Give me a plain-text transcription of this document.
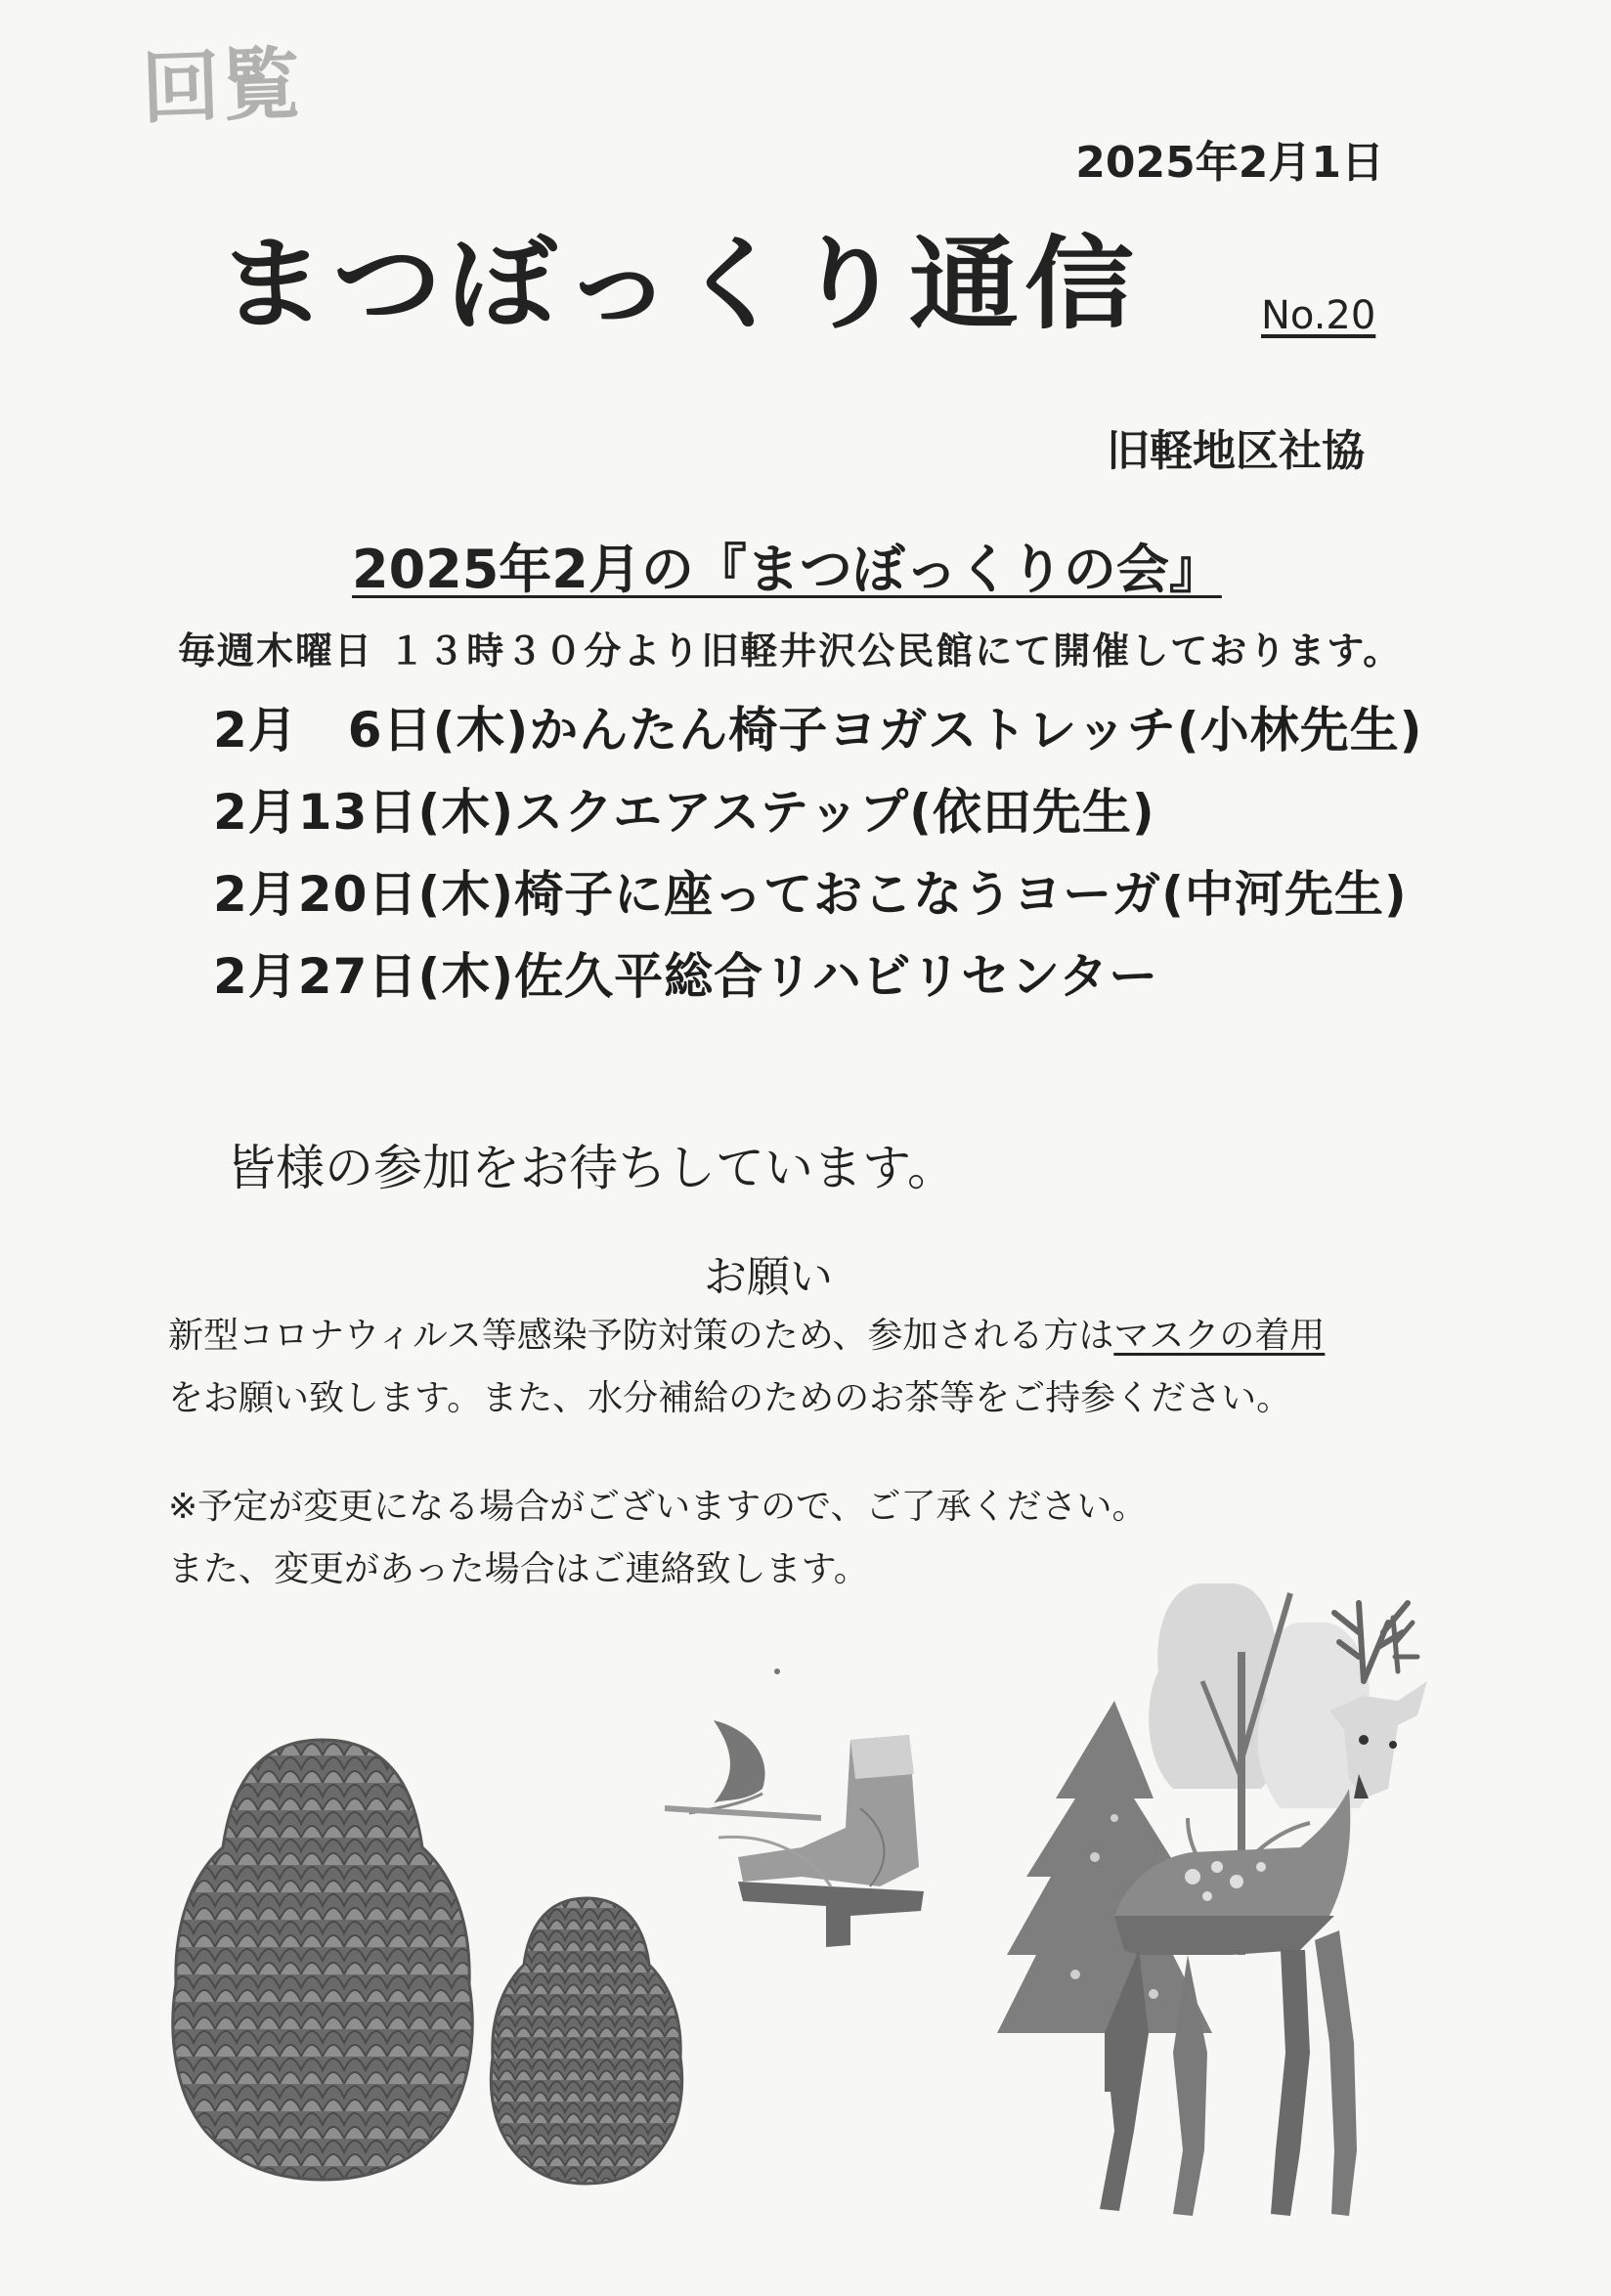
回覧
2025年2月1日
まつぼっくり通信	No.20
旧軽地区社協
2025年2月の『まつぼっくりの会』
毎週木曜日 １３時３０分より旧軽井沢公民館にて開催しております。
2月　6日(木)かんたん椅子ヨガストレッチ(小林先生)
2月13日(木)スクエアステップ(依田先生)
2月20日(木)椅子に座っておこなうヨーガ(中河先生)
2月27日(木)佐久平総合リハビリセンター
皆様の参加をお待ちしています。
お願い
新型コロナウィルス等感染予防対策のため、参加される方はマスクの着用
をお願い致します。また、水分補給のためのお茶等をご持参ください。
※予定が変更になる場合がございますので、ご了承ください。
また、変更があった場合はご連絡致します。
